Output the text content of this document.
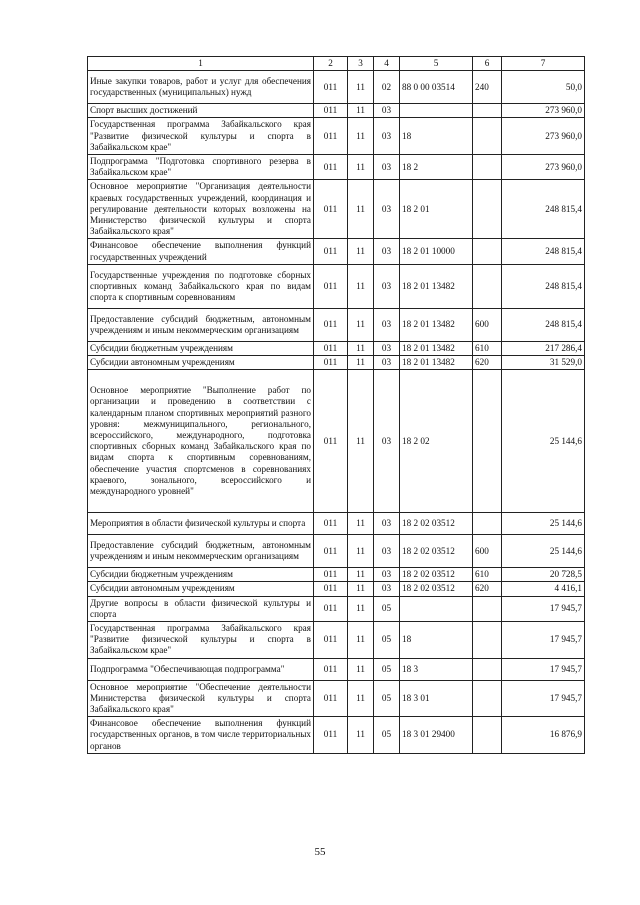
1	2	3	4	5	6	7
Иные закупки товаров, работ и услуг для обеспечения государственных (муниципальных) нужд	011	11	02	88 0 00 03514	240	50,0
Спорт высших достижений	011	11	03			273 960,0
Государственная программа Забайкальского края "Развитие физической культуры и спорта в Забайкальском крае"	011	11	03	18		273 960,0
Подпрограмма "Подготовка спортивного резерва в Забайкальском крае"	011	11	03	18 2		273 960,0
Основное мероприятие "Организация деятельности краевых государственных учреждений, координация и регулирование деятельности которых возложены на Министерство физической культуры и спорта Забайкальского края"	011	11	03	18 2 01		248 815,4
Финансовое обеспечение выполнения функций государственных учреждений	011	11	03	18 2 01 10000		248 815,4
Государственные учреждения по подготовке сборных спортивных команд Забайкальского края по видам спорта к спортивным соревнованиям	011	11	03	18 2 01 13482		248 815,4
Предоставление субсидий бюджетным, автономным учреждениям и иным некоммерческим организациям	011	11	03	18 2 01 13482	600	248 815,4
Субсидии бюджетным учреждениям	011	11	03	18 2 01 13482	610	217 286,4
Субсидии автономным учреждениям	011	11	03	18 2 01 13482	620	31 529,0
Основное мероприятие "Выполнение работ по организации и проведению в соответствии с календарным планом спортивных мероприятий разного уровня: межмуниципального, регионального, всероссийского, международного, подготовка спортивных сборных команд Забайкальского края по видам спорта к спортивным соревнованиям, обеспечение участия спортсменов в соревнованиях краевого, зонального, всероссийского и международного уровней"	011	11	03	18 2 02		25 144,6
Мероприятия в области физической культуры и спорта	011	11	03	18 2 02 03512		25 144,6
Предоставление субсидий бюджетным, автономным учреждениям и иным некоммерческим организациям	011	11	03	18 2 02 03512	600	25 144,6
Субсидии бюджетным учреждениям	011	11	03	18 2 02 03512	610	20 728,5
Субсидии автономным учреждениям	011	11	03	18 2 02 03512	620	4 416,1
Другие вопросы в области физической культуры и спорта	011	11	05			17 945,7
Государственная программа Забайкальского края "Развитие физической культуры и спорта в Забайкальском крае"	011	11	05	18		17 945,7
Подпрограмма "Обеспечивающая подпрограмма"	011	11	05	18 3		17 945,7
Основное мероприятие "Обеспечение деятельности Министерства физической культуры и спорта Забайкальского края"	011	11	05	18 3 01		17 945,7
Финансовое обеспечение выполнения функций государственных органов, в том числе территориальных органов	011	11	05	18 3 01 29400		16 876,9
55
